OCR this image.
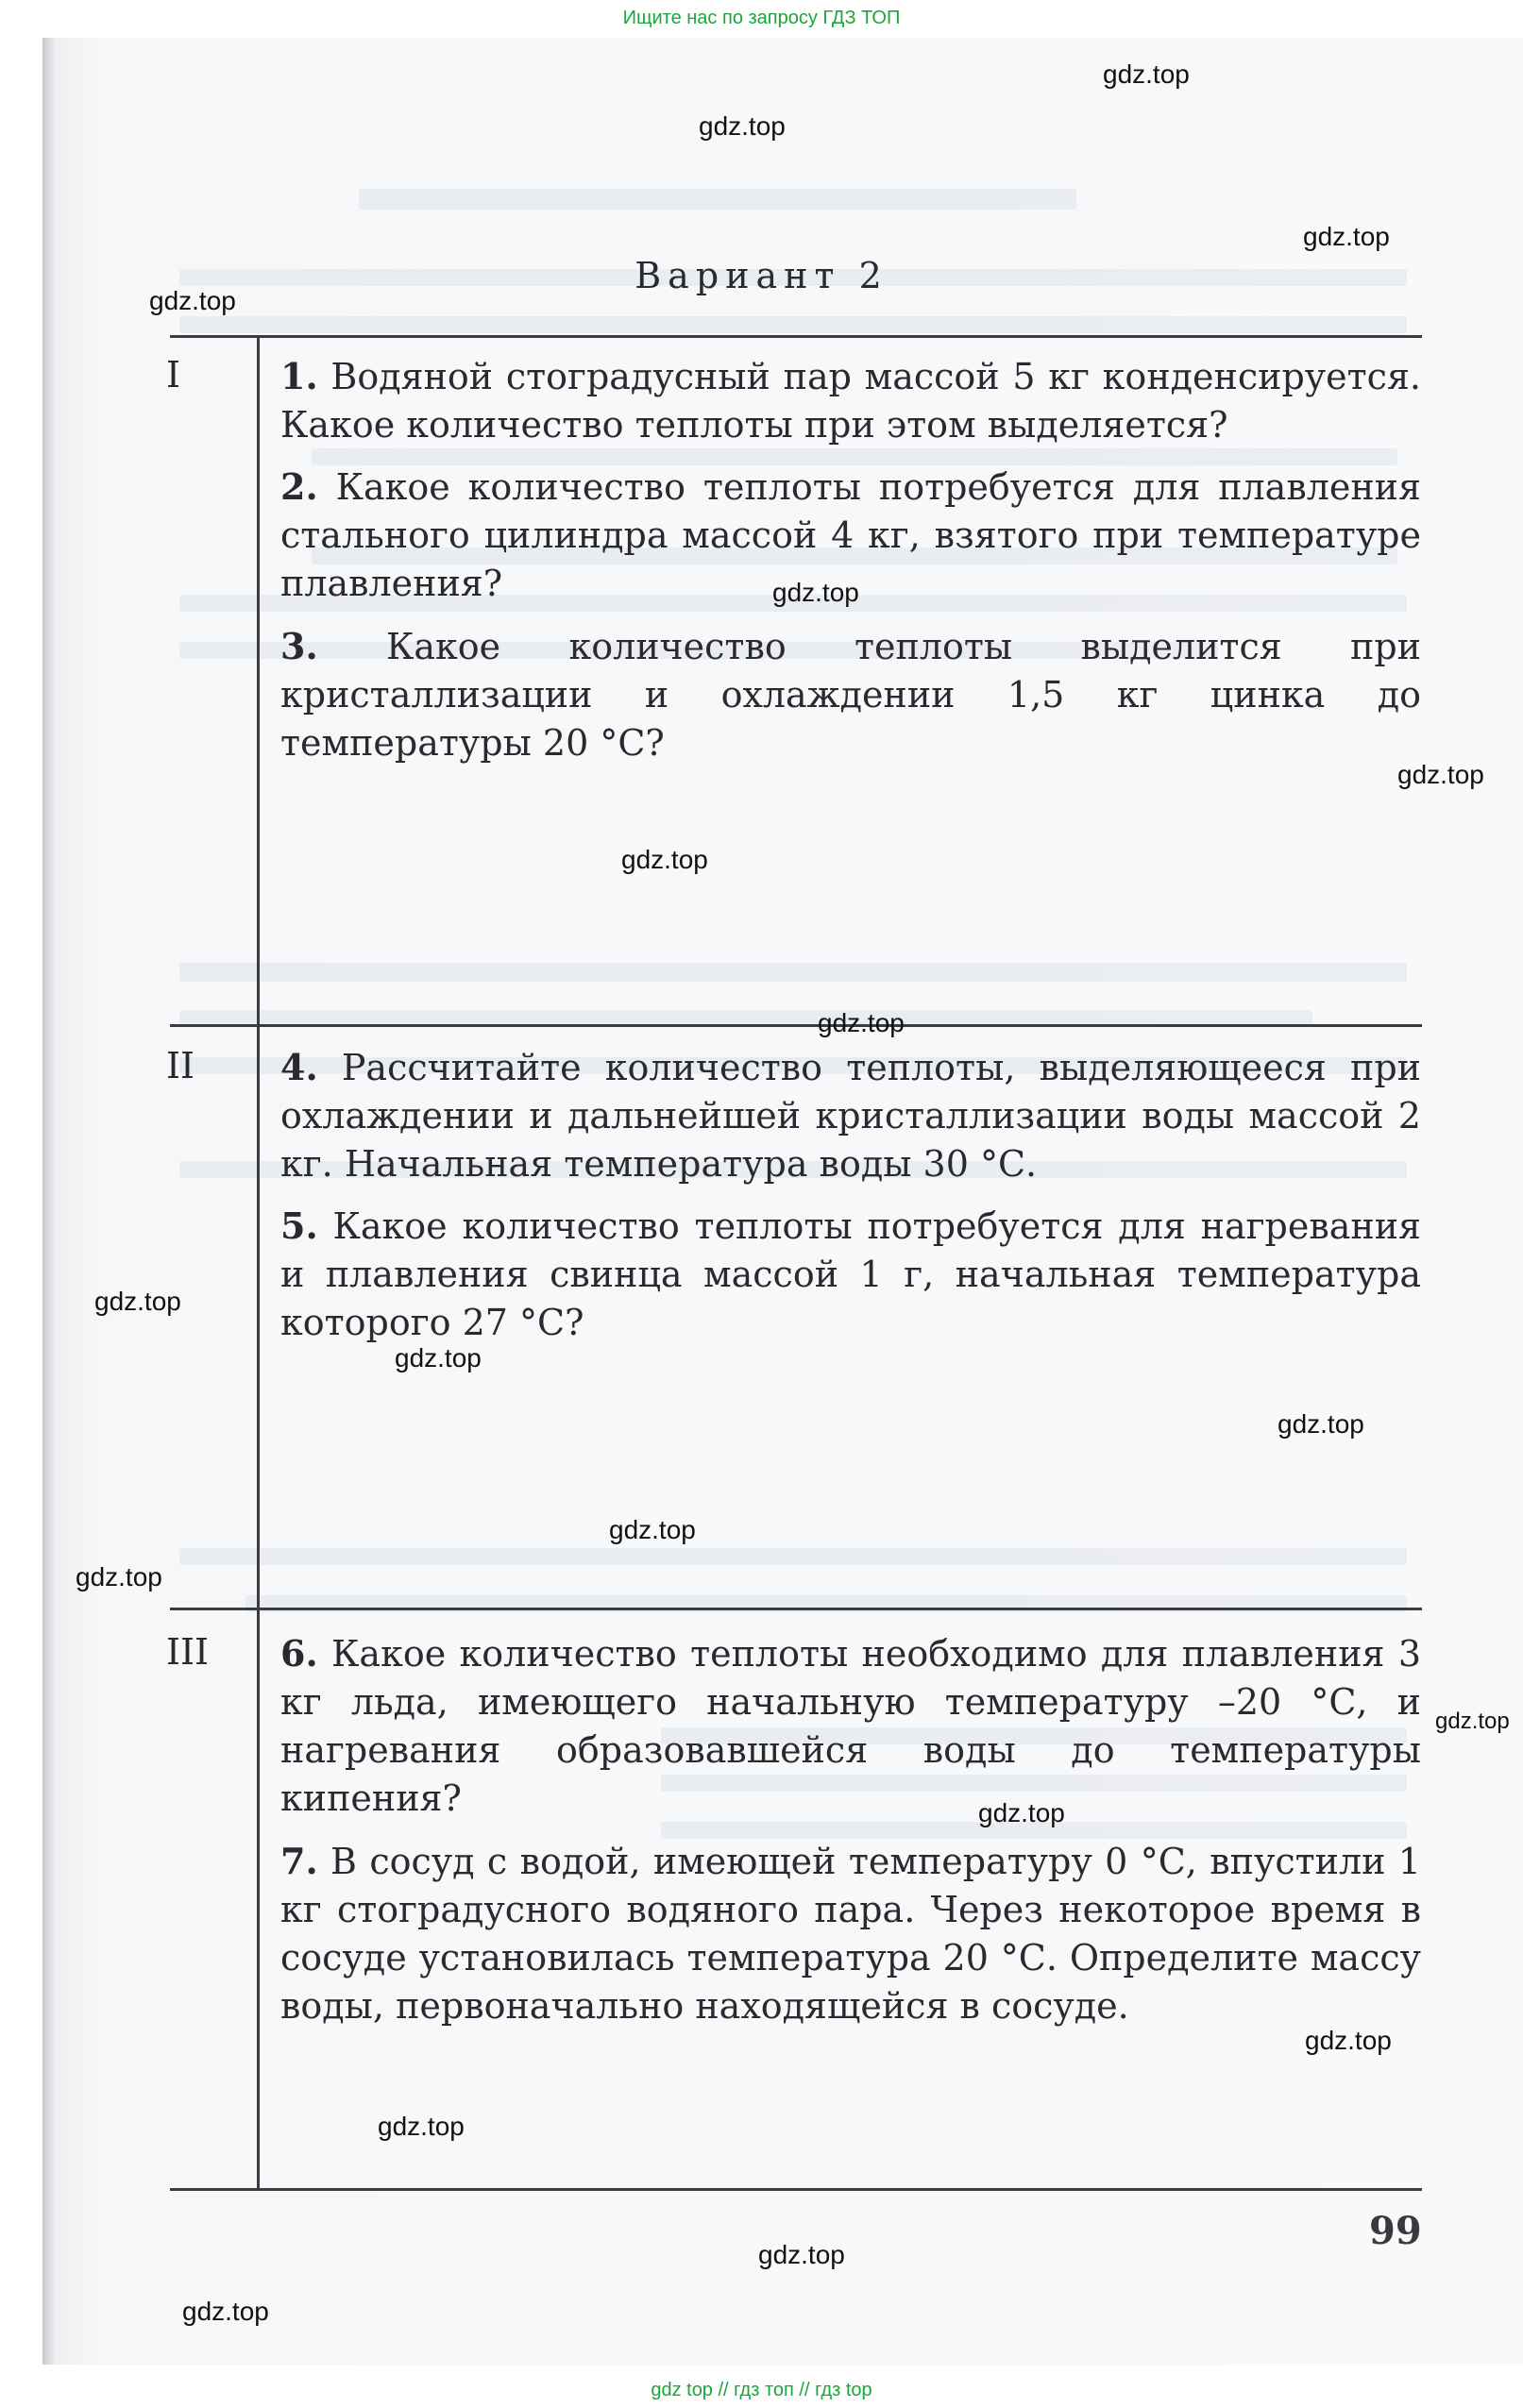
Ищите нас по запросу ГДЗ ТОП
Вариант 2
I	1. Водяной стоградусный пар массой 5 кг конденсируется. Какое количество теплоты при этом выделяется?
2. Какое количество теплоты потребуется для плавления стального цилиндра массой 4 кг, взятого при температуре плавления?
3. Какое количество теплоты выделится при кристаллизации и охлаждении 1,5 кг цинка до температуры 20 °С?
II 4. Рассчитайте количество теплоты, выделяющееся при охлаждении и дальнейшей кристаллизации воды массой 2 кг. Начальная температура воды 30 °С.
5. Какое количество теплоты потребуется для нагревания и плавления свинца массой 1 г, начальная температура которого 27 °С?
III 6. Какое количество теплоты необходимо для плавления 3 кг льда, имеющего начальную температуру –20 °С, и нагревания образовавшейся воды до температуры кипения?
7. В сосуд с водой, имеющей температуру 0 °С, впустили 1 кг стоградусного водяного пара. Через некоторое время в сосуде установилась температура 20 °С. Определите массу воды, первоначально находящейся в сосуде.
99
gdz.top
gdz.top
gdz.top
gdz.top
gdz.top
gdz.top
gdz.top
gdz.top
gdz.top
gdz.top
gdz.top
gdz.top
gdz.top
gdz.top
gdz.top
gdz.top
gdz.top
gdz.top
gdz.top
gdz top // гдз топ // гдз top
